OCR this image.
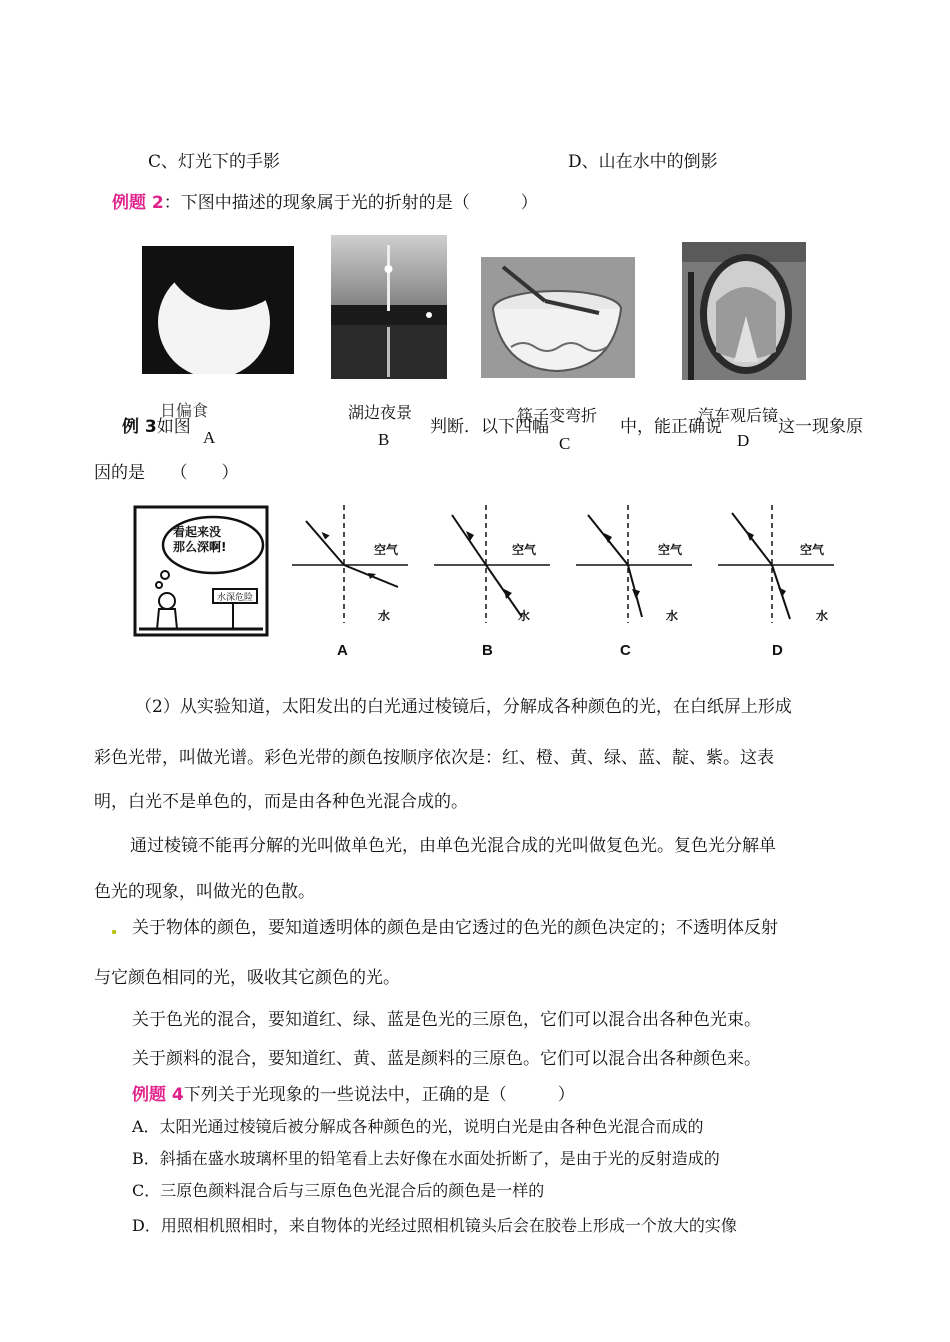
C、灯光下的手影	D、山在水中的倒影
例题 2：下图中描述的现象属于光的折射的是（　　　）
日偏食
A
湖边夜景
B
筷子变弯折
C
汽车观后镜
D
例 3如图 画中人出现了	判断．以下四幅	中，能正确说	这一现象原
因的是　　（　　）
看起来没
那么深啊!
水深危险
空气
水
A
空气
水
B
空气
水
C
空气
水
D
（2）从实验知道，太阳发出的白光通过棱镜后，分解成各种颜色的光，在白纸屏上形成
彩色光带，叫做光谱。彩色光带的颜色按顺序依次是：红、橙、黄、绿、蓝、靛、紫。这表
明，白光不是单色的，而是由各种色光混合成的。
通过棱镜不能再分解的光叫做单色光，由单色光混合成的光叫做复色光。复色光分解单
色光的现象，叫做光的色散。
关于物体的颜色，要知道透明体的颜色是由它透过的色光的颜色决定的；不透明体反射
与它颜色相同的光，吸收其它颜色的光。
关于色光的混合，要知道红、绿、蓝是色光的三原色，它们可以混合出各种色光束。
关于颜料的混合，要知道红、黄、蓝是颜料的三原色。它们可以混合出各种颜色来。
例题 4下列关于光现象的一些说法中，正确的是（　　　）
A．太阳光通过棱镜后被分解成各种颜色的光，说明白光是由各种色光混合而成的
B．斜插在盛水玻璃杯里的铅笔看上去好像在水面处折断了，是由于光的反射造成的
C．三原色颜料混合后与三原色色光混合后的颜色是一样的
D．用照相机照相时，来自物体的光经过照相机镜头后会在胶卷上形成一个放大的实像
